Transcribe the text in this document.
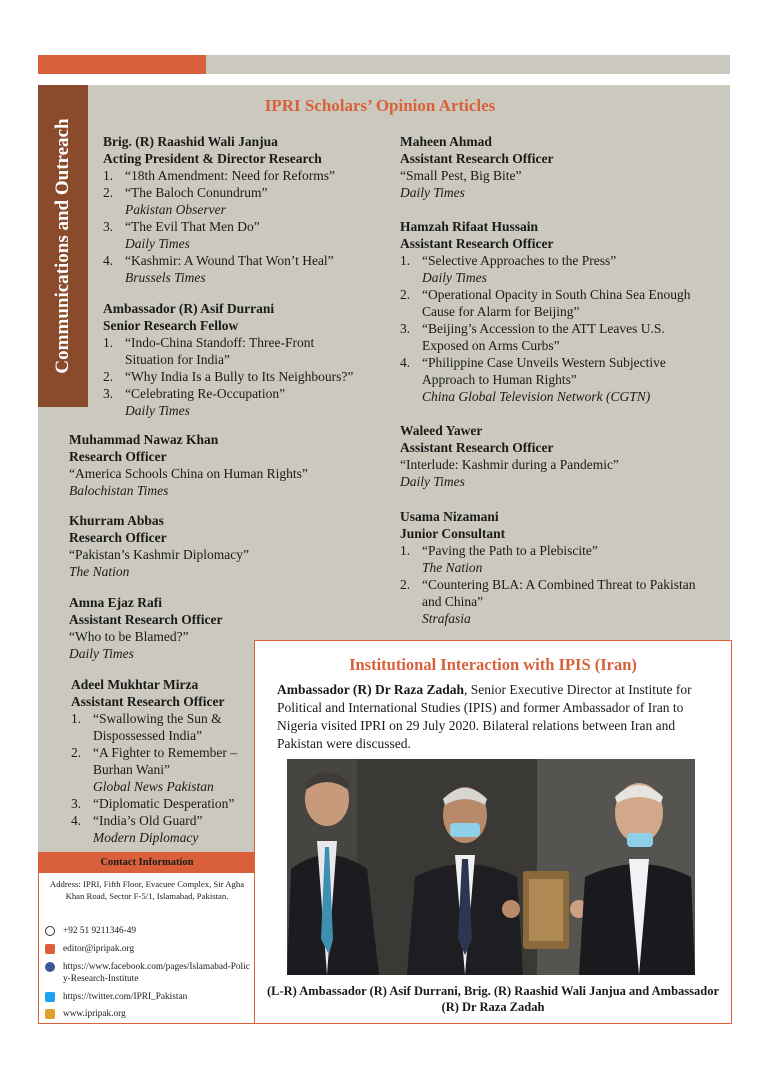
Communications and Outreach
IPRI Scholars’ Opinion Articles
Brig. (R) Raashid Wali Janjua
Acting President & Director Research
1. “18th Amendment: Need for Reforms”
2. “The Baloch Conundrum”
Pakistan Observer
3. “The Evil That Men Do”
Daily Times
4. “Kashmir: A Wound That Won’t Heal”
Brussels Times
Ambassador (R) Asif Durrani
Senior Research Fellow
1. “Indo-China Standoff: Three-Front Situation for India”
2. “Why India Is a Bully to Its Neighbours?”
3. “Celebrating Re-Occupation”
Daily Times
Muhammad Nawaz Khan
Research Officer
“America Schools China on Human Rights”
Balochistan Times
Khurram Abbas
Research Officer
“Pakistan’s Kashmir Diplomacy”
The Nation
Amna Ejaz Rafi
Assistant Research Officer
“Who to be Blamed?”
Daily Times
Adeel Mukhtar Mirza
Assistant Research Officer
1. “Swallowing the Sun & Dispossessed India”
2. “A Fighter to Remember – Burhan Wani”
Global News Pakistan
3. “Diplomatic Desperation”
4. “India’s Old Guard”
Modern Diplomacy
Maheen Ahmad
Assistant Research Officer
“Small Pest, Big Bite”
Daily Times
Hamzah Rifaat Hussain
Assistant Research Officer
1. “Selective Approaches to the Press”
Daily Times
2. “Operational Opacity in South China Sea Enough Cause for Alarm for Beijing”
3. “Beijing’s Accession to the ATT Leaves U.S. Exposed on Arms Curbs”
4. “Philippine Case Unveils Western Subjective Approach to Human Rights”
China Global Television Network (CGTN)
Waleed Yawer
Assistant Research Officer
“Interlude: Kashmir during a Pandemic”
Daily Times
Usama Nizamani
Junior Consultant
1. “Paving the Path to a Plebiscite”
The Nation
2. “Countering BLA: A Combined Threat to Pakistan and China”
Strafasia
Contact Information
Address: IPRI, Fifth Floor, Evacuee Complex, Sir Agha Khan Road, Sector F-5/1, Islamabad, Pakistan.
+92 51 9211346-49
editor@ipripak.org
https://www.facebook.com/pages/Islamabad-Policy-Research-Institute
https://twitter.com/IPRI_Pakistan
www.ipripak.org
Institutional Interaction with IPIS (Iran)
Ambassador (R) Dr Raza Zadah, Senior Executive Director at Institute for Political and International Studies (IPIS) and former Ambassador of Iran to Nigeria visited IPRI on 29 July 2020. Bilateral relations between Iran and Pakistan were discussed.
(L-R) Ambassador (R) Asif Durrani, Brig. (R) Raashid Wali Janjua and Ambassador (R) Dr Raza Zadah
